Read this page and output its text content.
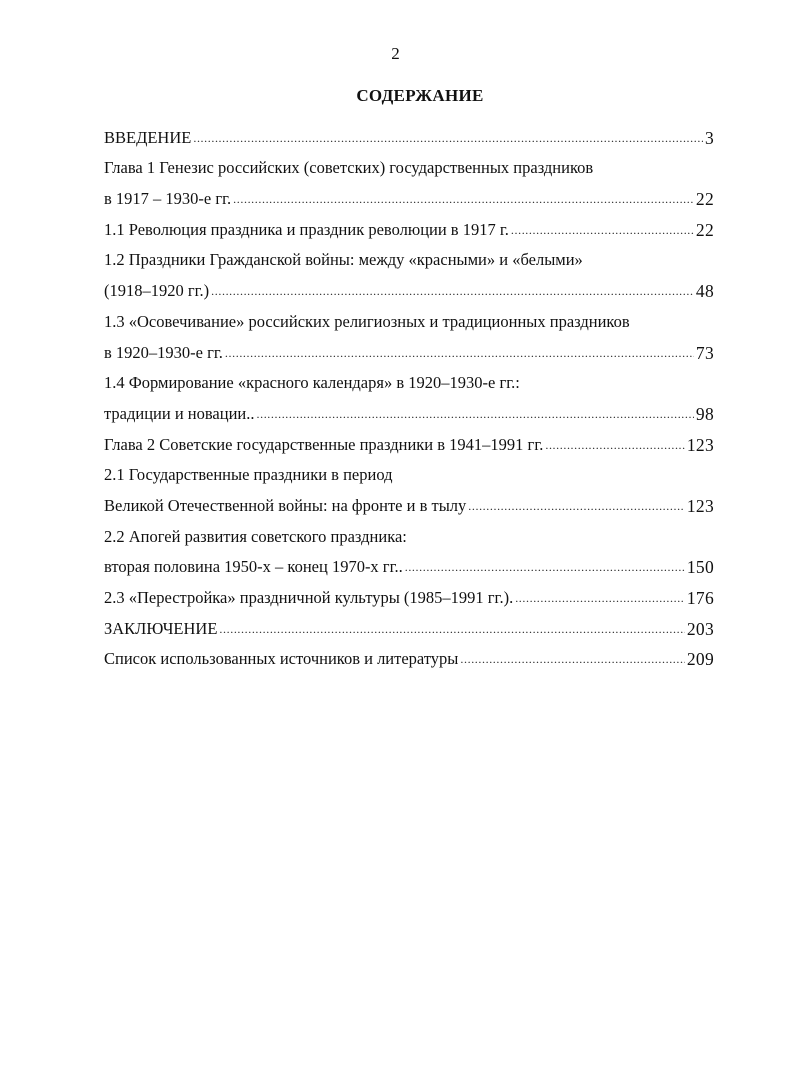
2
СОДЕРЖАНИЕ
ВВЕДЕНИЕ .....	3
Глава 1 Генезис российских (советских) государственных праздников
в 1917 – 1930-е гг. .....	22
1.1 Революция праздника и праздник революции в 1917 г. .....	22
1.2 Праздники Гражданской войны: между «красными» и «белыми»
(1918–1920 гг.) .....	48
1.3 «Осовечивание» российских религиозных и традиционных праздников
в 1920–1930-е гг. .....	73
1.4 Формирование «красного календаря» в 1920–1930-е гг.:
традиции и новации.. .....	98
Глава 2 Советские государственные праздники в 1941–1991 гг. .....	123
2.1 Государственные праздники в период
Великой Отечественной войны: на фронте и в тылу .....	123
2.2 Апогей развития советского праздника:
вторая половина 1950-х – конец 1970-х гг.. .....	150
2.3 «Перестройка» праздничной культуры (1985–1991 гг.). .....	176
ЗАКЛЮЧЕНИЕ .....	203
Список использованных источников и литературы .....	209
